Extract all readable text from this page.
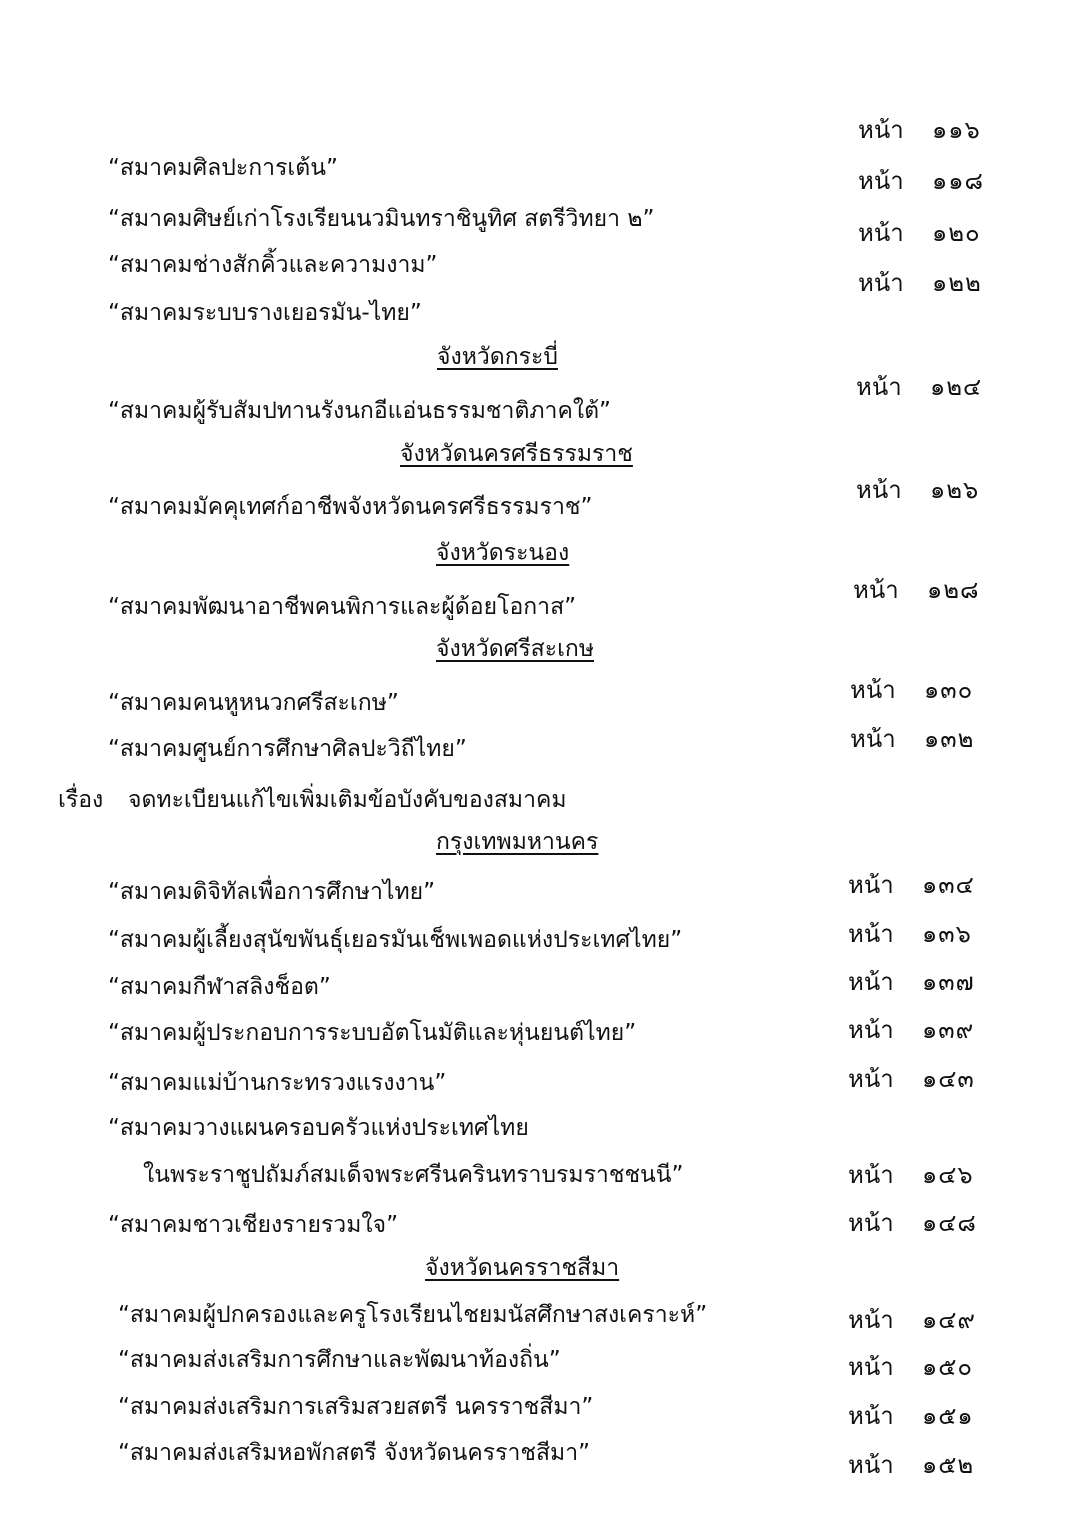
“สมาคมศิลปะการเต้น”
“สมาคมศิษย์เก่าโรงเรียนนวมินทราชินูทิศ สตรีวิทยา ๒”
“สมาคมช่างสักคิ้วและความงาม”
“สมาคมระบบรางเยอรมัน-ไทย”
จังหวัดกระบี่
“สมาคมผู้รับสัมปทานรังนกอีแอ่นธรรมชาติภาคใต้”
จังหวัดนครศรีธรรมราช
“สมาคมมัคคุเทศก์อาชีพจังหวัดนครศรีธรรมราช”
จังหวัดระนอง
“สมาคมพัฒนาอาชีพคนพิการและผู้ด้อยโอกาส”
จังหวัดศรีสะเกษ
“สมาคมคนหูหนวกศรีสะเกษ”
“สมาคมศูนย์การศึกษาศิลปะวิถีไทย”
เรื่อง จดทะเบียนแก้ไขเพิ่มเติมข้อบังคับของสมาคม
กรุงเทพมหานคร
“สมาคมดิจิทัลเพื่อการศึกษาไทย”
“สมาคมผู้เลี้ยงสุนัขพันธุ์เยอรมันเช็พเพอดแห่งประเทศไทย”
“สมาคมกีฬาสลิงช็อต”
“สมาคมผู้ประกอบการระบบอัตโนมัติและหุ่นยนต์ไทย”
“สมาคมแม่บ้านกระทรวงแรงงาน”
“สมาคมวางแผนครอบครัวแห่งประเทศไทย
ในพระราชูปถัมภ์สมเด็จพระศรีนครินทราบรมราชชนนี”
“สมาคมชาวเชียงรายรวมใจ”
จังหวัดนครราชสีมา
“สมาคมผู้ปกครองและครูโรงเรียนไชยมนัสศึกษาสงเคราะห์”
“สมาคมส่งเสริมการศึกษาและพัฒนาท้องถิ่น”
“สมาคมส่งเสริมการเสริมสวยสตรี นครราชสีมา”
“สมาคมส่งเสริมหอพักสตรี จังหวัดนครราชสีมา”
หน้า ๑๑๖
หน้า ๑๑๘
หน้า ๑๒๐
หน้า ๑๒๒
หน้า ๑๒๔
หน้า ๑๒๖
หน้า ๑๒๘
หน้า ๑๓๐
หน้า ๑๓๒
หน้า ๑๓๔
หน้า ๑๓๖
หน้า ๑๓๗
หน้า ๑๓๙
หน้า ๑๔๓
หน้า ๑๔๖
หน้า ๑๔๘
หน้า ๑๔๙
หน้า ๑๕๐
หน้า ๑๕๑
หน้า ๑๕๒
